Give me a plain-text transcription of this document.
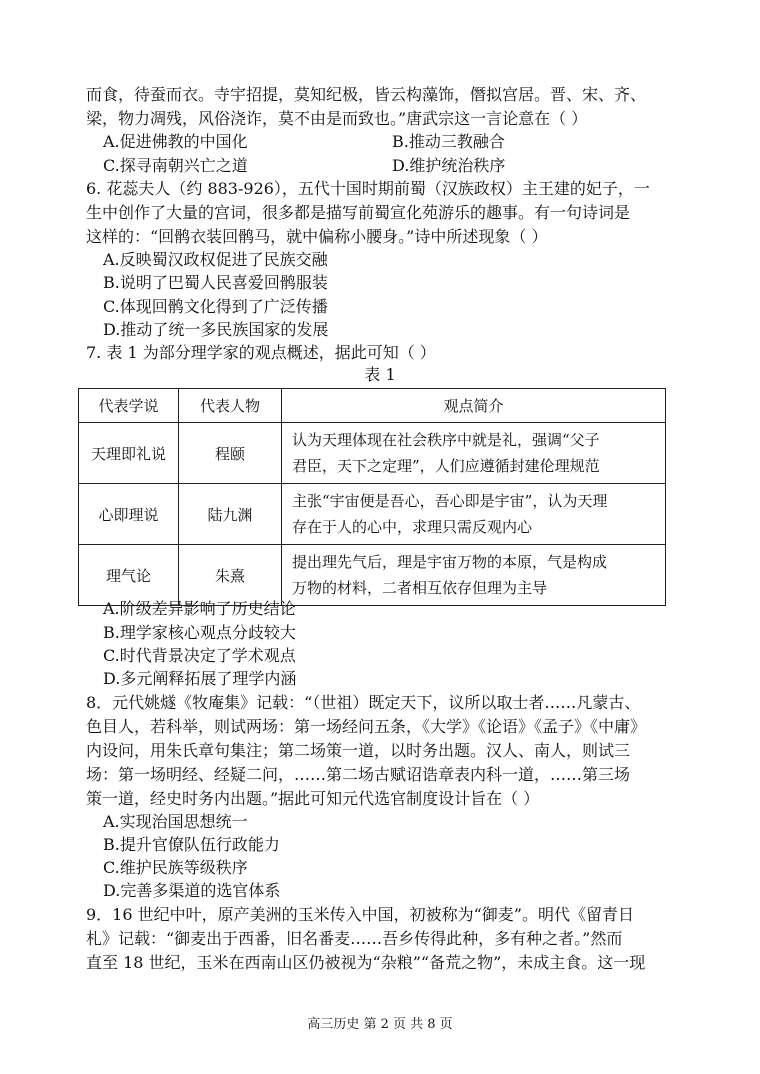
而食，待蚕而衣。寺宇招提，莫知纪极，皆云构藻饰，僭拟宫居。晋、宋、齐、
梁，物力凋残，风俗浇诈，莫不由是而致也。”唐武宗这一言论意在（ ）
A.促进佛教的中国化	B.推动三教融合
C.探寻南朝兴亡之道	D.维护统治秩序
6. 花蕊夫人（约 883-926），五代十国时期前蜀（汉族政权）主王建的妃子，一
生中创作了大量的宫词，很多都是描写前蜀宣化苑游乐的趣事。有一句诗词是
这样的：“回鹘衣装回鹘马，就中偏称小腰身。”诗中所述现象（ ）
A.反映蜀汉政权促进了民族交融
B.说明了巴蜀人民喜爱回鹘服装
C.体现回鹘文化得到了广泛传播
D.推动了统一多民族国家的发展
7. 表 1 为部分理学家的观点概述，据此可知（ ）
表 1
代表学说	代表人物	观点简介
天理即礼说	程颐	认为天理体现在社会秩序中就是礼，强调“父子
君臣，天下之定理”，人们应遵循封建伦理规范

心即理说	陆九渊	主张“宇宙便是吾心，吾心即是宇宙”，认为天理
存在于人的心中，求理只需反观内心

理气论	朱熹	提出理先气后，理是宇宙万物的本原，气是构成
万物的材料，二者相互依存但理为主导
A.阶级差异影响了历史结论
B.理学家核心观点分歧较大
C.时代背景决定了学术观点
D.多元阐释拓展了理学内涵
8．元代姚燧《牧庵集》记载：“（世祖）既定天下，议所以取士者……凡蒙古、
色目人，若科举，则试两场：第一场经问五条，《大学》《论语》《孟子》《中庸》
内设问，用朱氏章句集注；第二场策一道，以时务出题。汉人、南人，则试三
场：第一场明经、经疑二问，……第二场古赋诏诰章表内科一道，……第三场
策一道，经史时务内出题。”据此可知元代选官制度设计旨在（ ）
A.实现治国思想统一
B.提升官僚队伍行政能力
C.维护民族等级秩序
D.完善多渠道的选官体系
9．16 世纪中叶，原产美洲的玉米传入中国，初被称为“御麦”。明代《留青日
札》记载：“御麦出于西番，旧名番麦……吾乡传得此种，多有种之者。”然而
直至 18 世纪，玉米在西南山区仍被视为“杂粮”“备荒之物”，未成主食。这一现
高三历史 第 2 页 共 8 页
